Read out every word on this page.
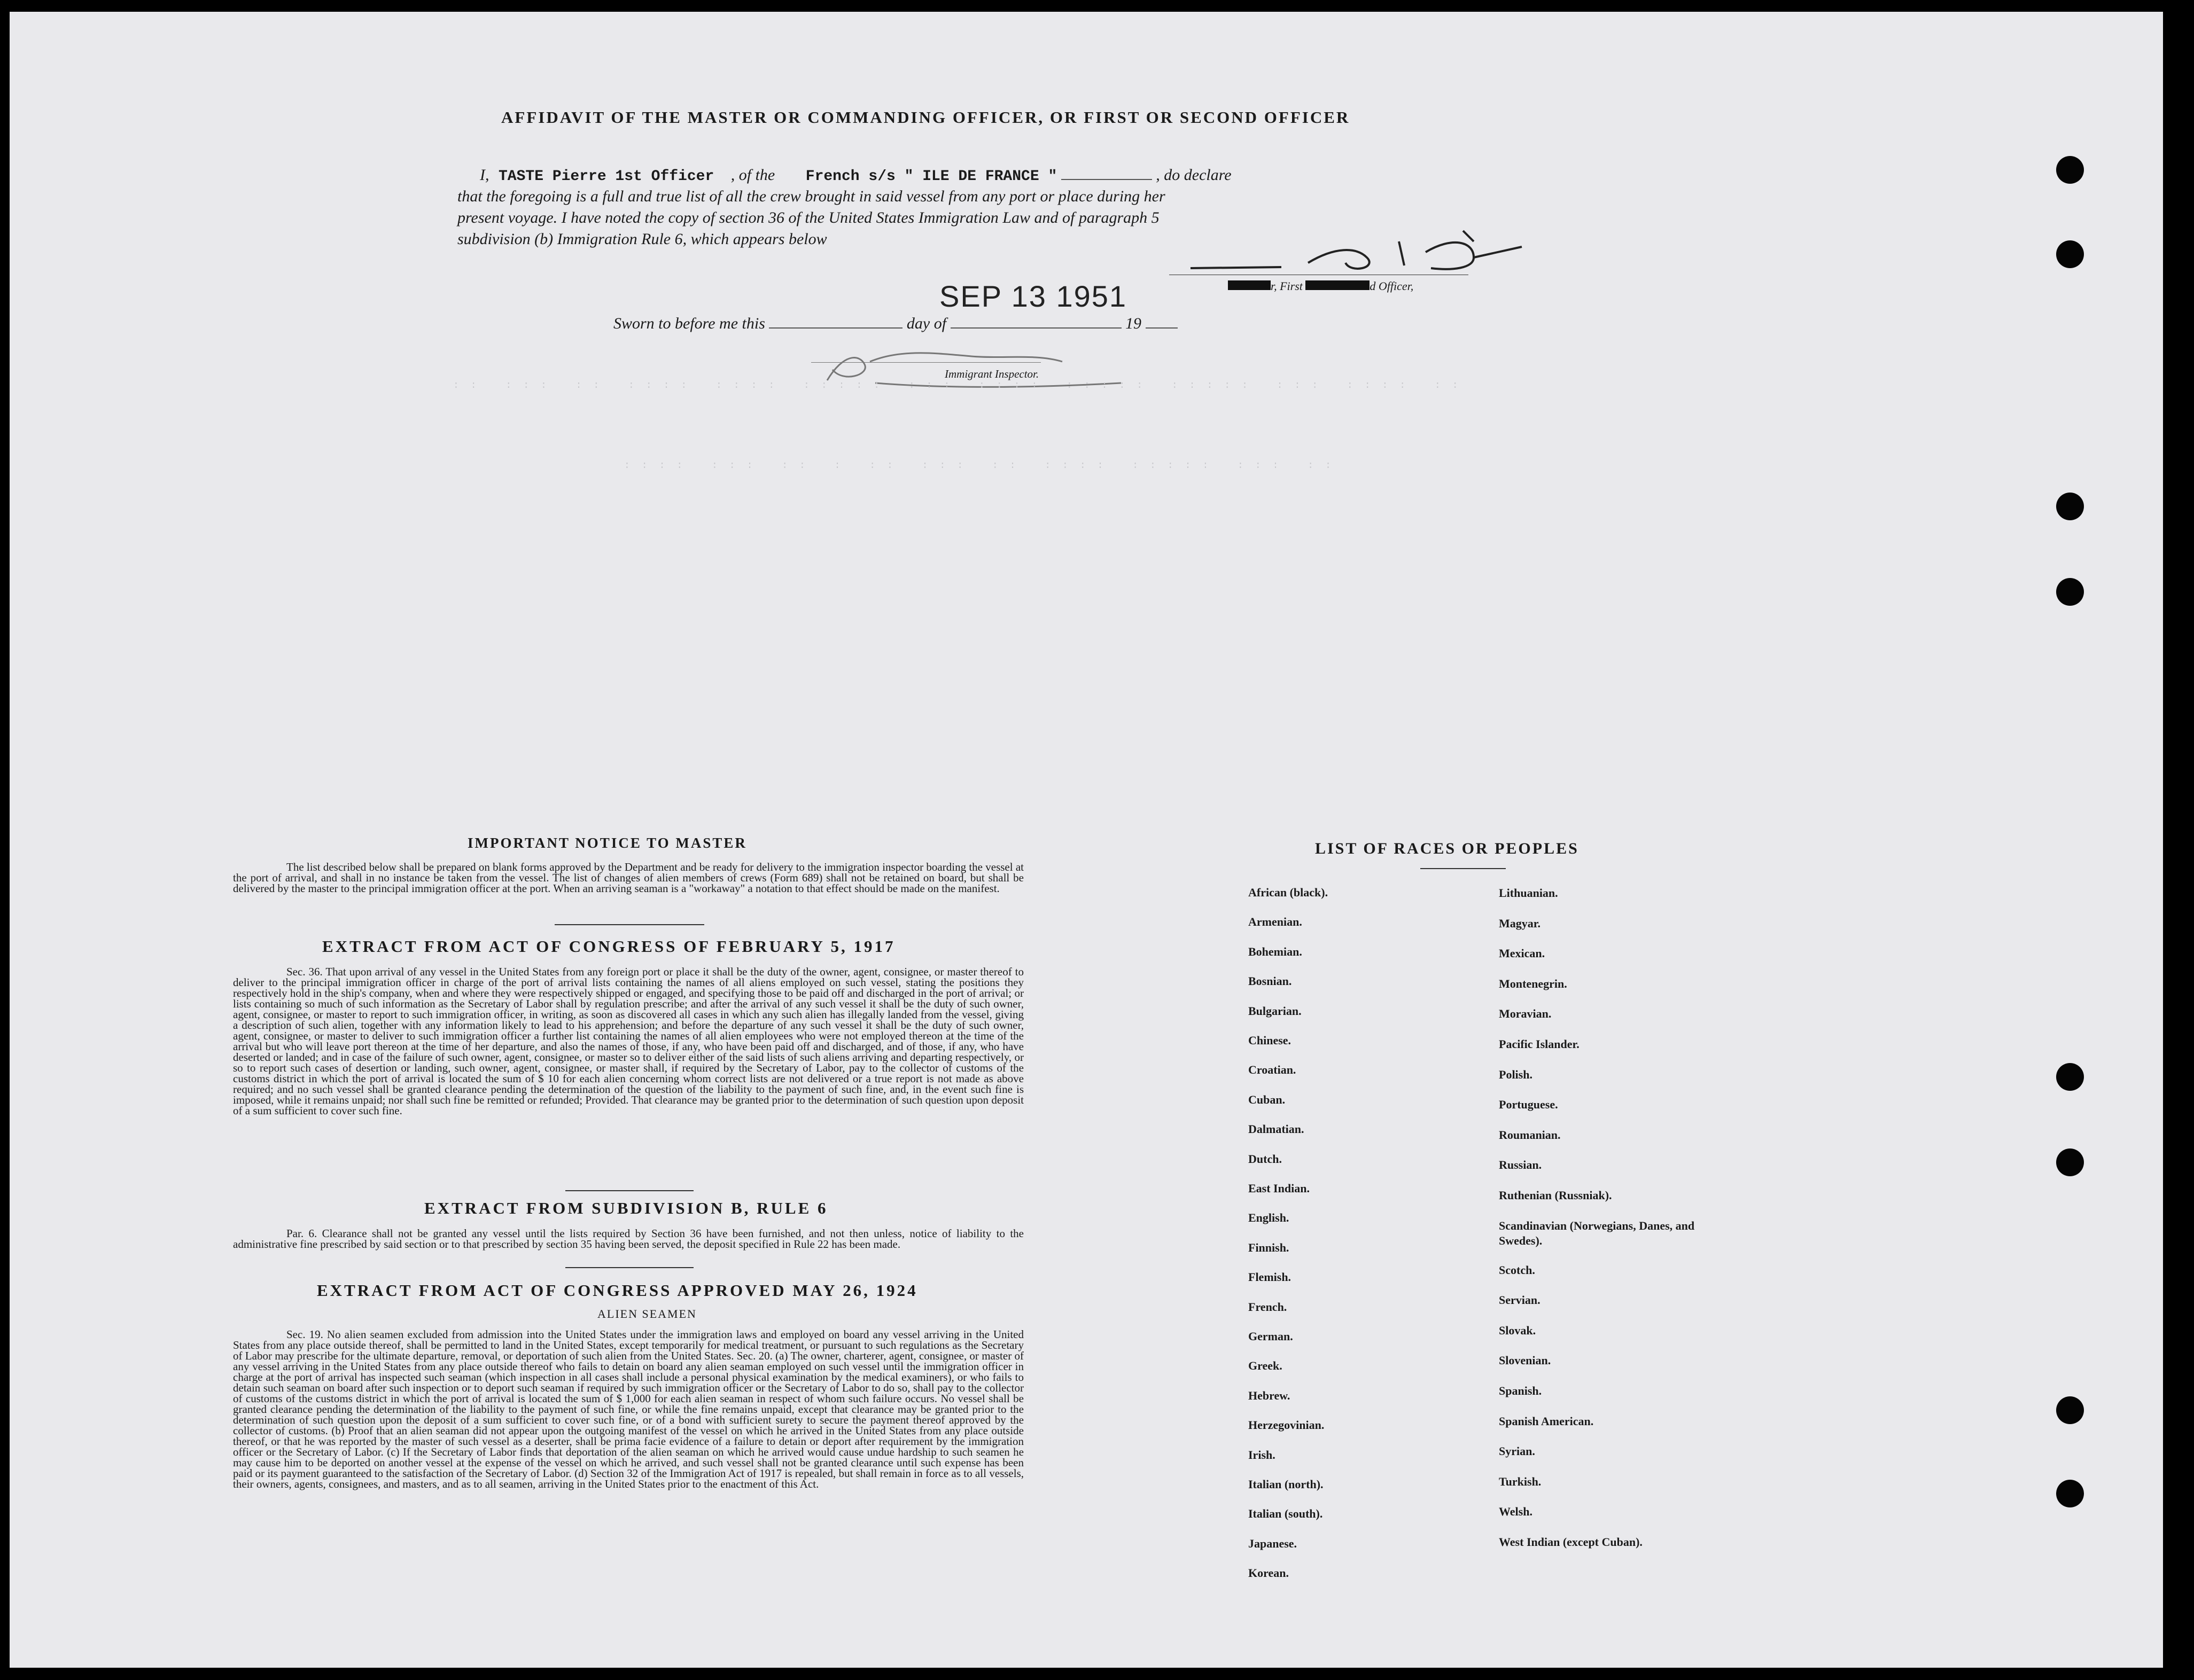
AFFIDAVIT OF THE MASTER OR COMMANDING OFFICER, OR FIRST OR SECOND OFFICER
I, TASTE Pierre 1st Officer , of the French s/s " ILE DE FRANCE "	, do declare
that the foregoing is a full and true list of all the crew brought in said vessel from any port or place during her
present voyage. I have noted the copy of section 36 of the United States Immigration Law and of paragraph 5
subdivision (b) Immigration Rule 6, which appears below
r, First	d Officer,
SEP 13 1951
Sworn to before me this	day of	19
Immigrant Inspector.
:: ::: :: :::: :::: ::::: ::: :::: ::::: ::::: ::: :::: ::
:::: ::: :: : :: ::: :: :::: ::::: ::: ::
IMPORTANT NOTICE TO MASTER
The list described below shall be prepared on blank forms approved by the Department and be ready for delivery to the immigration inspector boarding the vessel at the port of arrival, and shall in no instance be taken from the vessel. The list of changes of alien members of crews (Form 689) shall not be retained on board, but shall be delivered by the master to the principal immigration officer at the port. When an arriving seaman is a "workaway" a notation to that effect should be made on the manifest.
EXTRACT FROM ACT OF CONGRESS OF FEBRUARY 5, 1917
Sec. 36. That upon arrival of any vessel in the United States from any foreign port or place it shall be the duty of the owner, agent, consignee, or master thereof to deliver to the principal immigration officer in charge of the port of arrival lists containing the names of all aliens employed on such vessel, stating the positions they respectively hold in the ship's company, when and where they were respectively shipped or engaged, and specifying those to be paid off and discharged in the port of arrival; or lists containing so much of such information as the Secretary of Labor shall by regulation prescribe; and after the arrival of any such vessel it shall be the duty of such owner, agent, consignee, or master to report to such immigration officer, in writing, as soon as discovered all cases in which any such alien has illegally landed from the vessel, giving a description of such alien, together with any information likely to lead to his apprehension; and before the departure of any such vessel it shall be the duty of such owner, agent, consignee, or master to deliver to such immigration officer a further list containing the names of all alien employees who were not employed thereon at the time of the arrival but who will leave port thereon at the time of her departure, and also the names of those, if any, who have been paid off and discharged, and of those, if any, who have deserted or landed; and in case of the failure of such owner, agent, consignee, or master so to deliver either of the said lists of such aliens arriving and departing respectively, or so to report such cases of desertion or landing, such owner, agent, consignee, or master shall, if required by the Secretary of Labor, pay to the collector of customs of the customs district in which the port of arrival is located the sum of $ 10 for each alien concerning whom correct lists are not delivered or a true report is not made as above required; and no such vessel shall be granted clearance pending the determination of the question of the liability to the payment of such fine, and, in the event such fine is imposed, while it remains unpaid; nor shall such fine be remitted or refunded; Provided. That clearance may be granted prior to the determination of such question upon deposit of a sum sufficient to cover such fine.
EXTRACT FROM SUBDIVISION B, RULE 6
Par. 6. Clearance shall not be granted any vessel until the lists required by Section 36 have been furnished, and not then unless, notice of liability to the administrative fine prescribed by said section or to that prescribed by section 35 having been served, the deposit specified in Rule 22 has been made.
EXTRACT FROM ACT OF CONGRESS APPROVED MAY 26, 1924
ALIEN SEAMEN
Sec. 19. No alien seamen excluded from admission into the United States under the immigration laws and employed on board any vessel arriving in the United States from any place outside thereof, shall be permitted to land in the United States, except temporarily for medical treatment, or pursuant to such regulations as the Secretary of Labor may prescribe for the ultimate departure, removal, or deportation of such alien from the United States. Sec. 20. (a) The owner, charterer, agent, consignee, or master of any vessel arriving in the United States from any place outside thereof who fails to detain on board any alien seaman employed on such vessel until the immigration officer in charge at the port of arrival has inspected such seaman (which inspection in all cases shall include a personal physical examination by the medical examiners), or who fails to detain such seaman on board after such inspection or to deport such seaman if required by such immigration officer or the Secretary of Labor to do so, shall pay to the collector of customs of the customs district in which the port of arrival is located the sum of $ 1,000 for each alien seaman in respect of whom such failure occurs. No vessel shall be granted clearance pending the determination of the liability to the payment of such fine, or while the fine remains unpaid, except that clearance may be granted prior to the determination of such question upon the deposit of a sum sufficient to cover such fine, or of a bond with sufficient surety to secure the payment thereof approved by the collector of customs. (b) Proof that an alien seaman did not appear upon the outgoing manifest of the vessel on which he arrived in the United States from any place outside thereof, or that he was reported by the master of such vessel as a deserter, shall be prima facie evidence of a failure to detain or deport after requirement by the immigration officer or the Secretary of Labor. (c) If the Secretary of Labor finds that deportation of the alien seaman on which he arrived would cause undue hardship to such seamen he may cause him to be deported on another vessel at the expense of the vessel on which he arrived, and such vessel shall not be granted clearance until such expense has been paid or its payment guaranteed to the satisfaction of the Secretary of Labor. (d) Section 32 of the Immigration Act of 1917 is repealed, but shall remain in force as to all vessels, their owners, agents, consignees, and masters, and as to all seamen, arriving in the United States prior to the enactment of this Act.
LIST OF RACES OR PEOPLES
African (black).
Armenian.
Bohemian.
Bosnian.
Bulgarian.
Chinese.
Croatian.
Cuban.
Dalmatian.
Dutch.
East Indian.
English.
Finnish.
Flemish.
French.
German.
Greek.
Hebrew.
Herzegovinian.
Irish.
Italian (north).
Italian (south).
Japanese.
Korean.
Lithuanian.
Magyar.
Mexican.
Montenegrin.
Moravian.
Pacific Islander.
Polish.
Portuguese.
Roumanian.
Russian.
Ruthenian (Russniak).
Scandinavian (Norwegians, Danes, and Swedes).
Scotch.
Servian.
Slovak.
Slovenian.
Spanish.
Spanish American.
Syrian.
Turkish.
Welsh.
West Indian (except Cuban).
